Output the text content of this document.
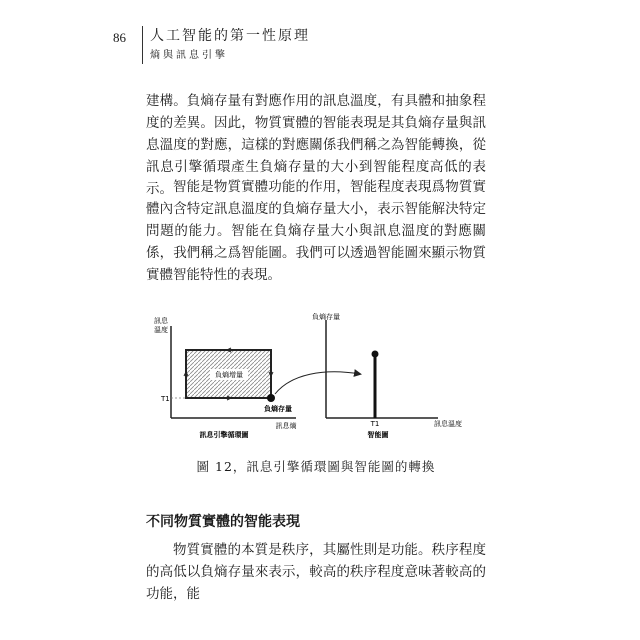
86 人工智能的第一性原理
熵與訊息引擎
建構。負熵存量有對應作用的訊息溫度，有具體和抽象程度的差異。因此，物質實體的智能表現是其負熵存量與訊息溫度的對應，這樣的對應關係我們稱之為智能轉換，從訊息引擎循環產生負熵存量的大小到智能程度高低的表示。 智能是物質實體功能的作用，智能程度表現爲物質實體內含特定訊息溫度的負熵存量大小，表示智能解決特定問題的能力。智能在負熵存量大小與訊息溫度的對應關係，我們稱之爲智能圖。我們可以透過智能圖來顯示物質實體智能特性的表現。
訊息
溫度
負熵增量
T1
負熵存量
訊息熵
訊息引擎循環圖
負熵存量
T1	訊息溫度
智能圖
圖 12，訊息引擎循環圖與智能圖的轉換
不同物質實體的智能表現
物質實體的本質是秩序，其屬性則是功能。秩序程度的高低以負熵存量來表示，較高的秩序程度意味著較高的功能，能
